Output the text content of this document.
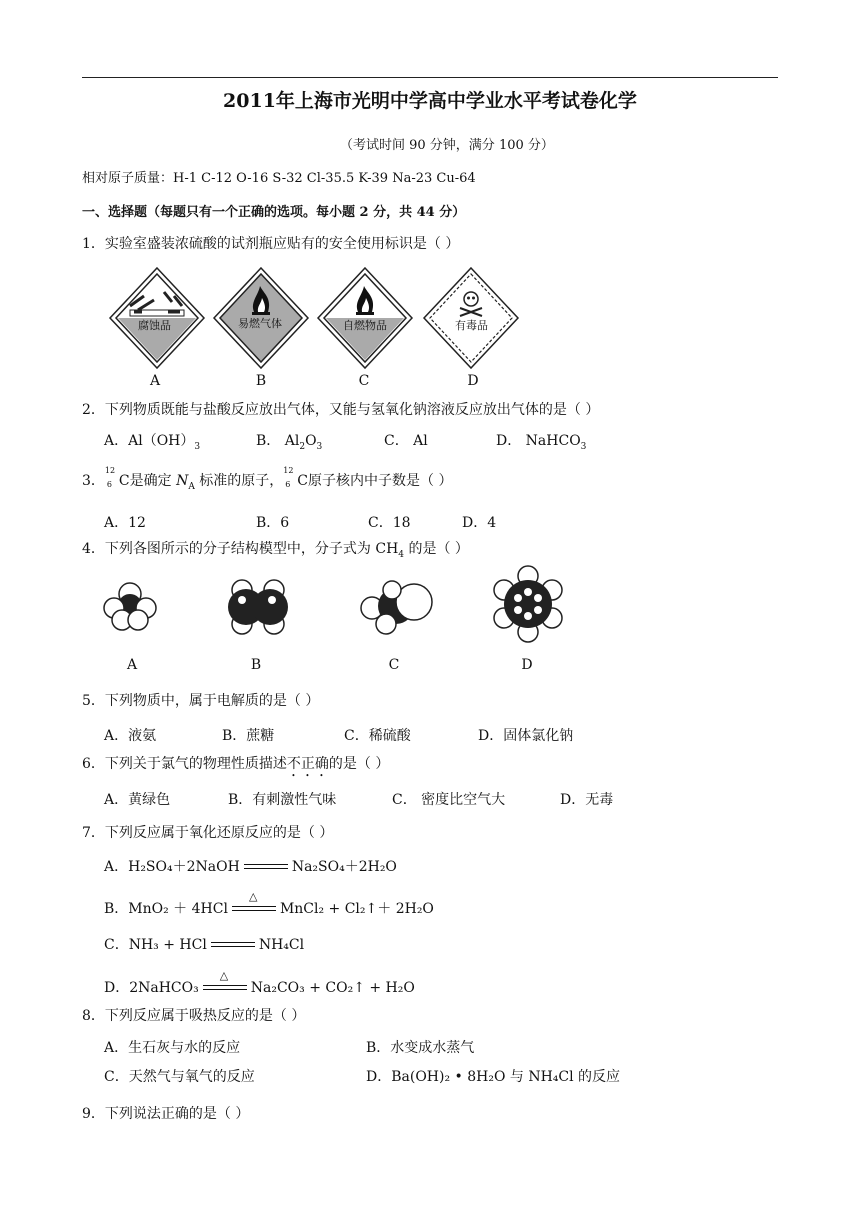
2011年上海市光明中学高中学业水平考试卷化学
（考试时间 90 分钟，满分 100 分）
相对原子质量：H-1 C-12 O-16 S-32 Cl-35.5 K-39 Na-23 Cu-64
一、选择题（每题只有一个正确的选项。每小题 2 分，共 44 分）
1．实验室盛装浓硫酸的试剂瓶应贴有的安全使用标识是（ ）
腐蚀品	易燃气体	自燃物品	有毒品
A	B	C	D
2．下列物质既能与盐酸反应放出气体，又能与氢氧化钠溶液反应放出气体的是（ ）
A．$Al(OH)_3$	B． $Al_2O_3$	C． Al	D． NaHCO$_3$
3．
12
6 C是确定 $N_A$ 标准的原子，
12
6 C原子核内中子数是（ ）
A．12	B．6	C．18	D．4
4．下列各图所示的分子结构模型中，分子式为 $CH_4$ 的是（ ）
A	B	C	D
5．下列物质中，属于电解质的是（ ）
A．液氨	B．蔗糖	C．稀硫酸	D．固体氯化钠
6．下列关于氯气的物理性质描述不正确的是（ ）
A．黄绿色	B．有刺激性气味	C． 密度比空气大	D．无毒
7．下列反应属于氧化还原反应的是（ ）
A．H₂SO₄＋2NaOH	Na₂SO₄＋2H₂O
B．MnO₂ ＋ 4HCl
△
MnCl₂ + Cl₂↑＋ 2H₂O
C．NH₃ + HCl	NH₄Cl
D．2NaHCO₃
△
Na₂CO₃ + CO₂↑ + H₂O
8．下列反应属于吸热反应的是（ ）
A．生石灰与水的反应	B．水变成水蒸气
C．天然气与氧气的反应	D．Ba(OH)₂ • 8H₂O 与 NH₄Cl 的反应
9．下列说法正确的是（ ）
